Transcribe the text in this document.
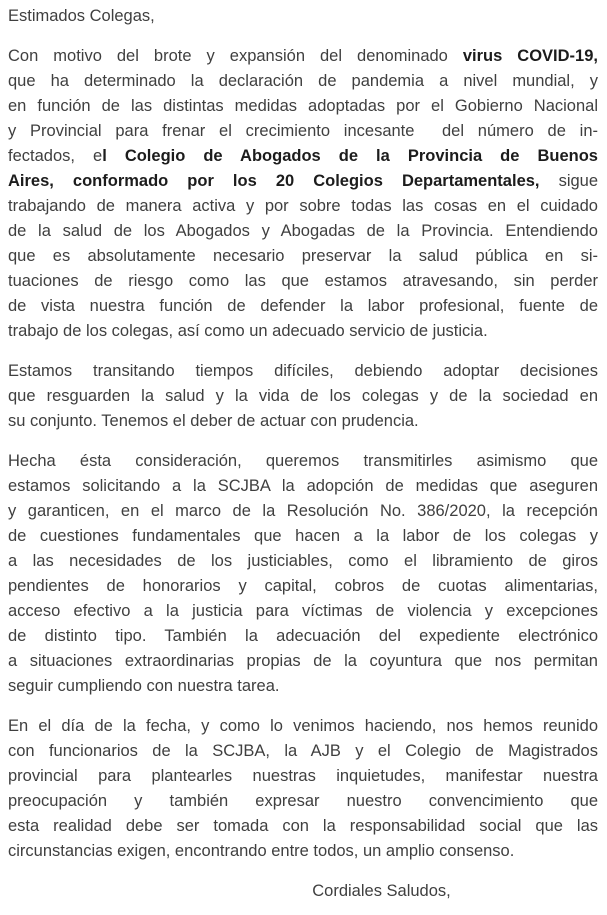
Estimados Colegas,
Con motivo del brote y expansión del denominado virus COVID-19,
que ha determinado la declaración de pandemia a nivel mundial, y
en función de las distintas medidas adoptadas por el Gobierno Nacional
y Provincial para frenar el crecimiento incesante  del número de in-
fectados, el Colegio de Abogados de la Provincia de Buenos
Aires, conformado por los 20 Colegios Departamentales, sigue
trabajando de manera activa y por sobre todas las cosas en el cuidado
de la salud de los Abogados y Abogadas de la Provincia. Entendiendo
que es absolutamente necesario preservar la salud pública en si-
tuaciones de riesgo como las que estamos atravesando, sin perder
de vista nuestra función de defender la labor profesional, fuente de
trabajo de los colegas, así como un adecuado servicio de justicia.
Estamos transitando tiempos difíciles, debiendo adoptar decisiones
que resguarden la salud y la vida de los colegas y de la sociedad en
su conjunto. Tenemos el deber de actuar con prudencia.
Hecha ésta consideración, queremos transmitirles asimismo que
estamos solicitando a la SCJBA la adopción de medidas que aseguren
y garanticen, en el marco de la Resolución No. 386/2020, la recepción
de cuestiones fundamentales que hacen a la labor de los colegas y
a las necesidades de los justiciables, como el libramiento de giros
pendientes de honorarios y capital, cobros de cuotas alimentarias,
acceso efectivo a la justicia para víctimas de violencia y excepciones
de distinto tipo. También la adecuación del expediente electrónico
a situaciones extraordinarias propias de la coyuntura que nos permitan
seguir cumpliendo con nuestra tarea.
En el día de la fecha, y como lo venimos haciendo, nos hemos reunido
con funcionarios de la SCJBA, la AJB y el Colegio de Magistrados
provincial para plantearles nuestras inquietudes, manifestar nuestra
preocupación y también expresar nuestro convencimiento que
esta realidad debe ser tomada con la responsabilidad social que las
circunstancias exigen, encontrando entre todos, un amplio consenso.
Cordiales Saludos,
